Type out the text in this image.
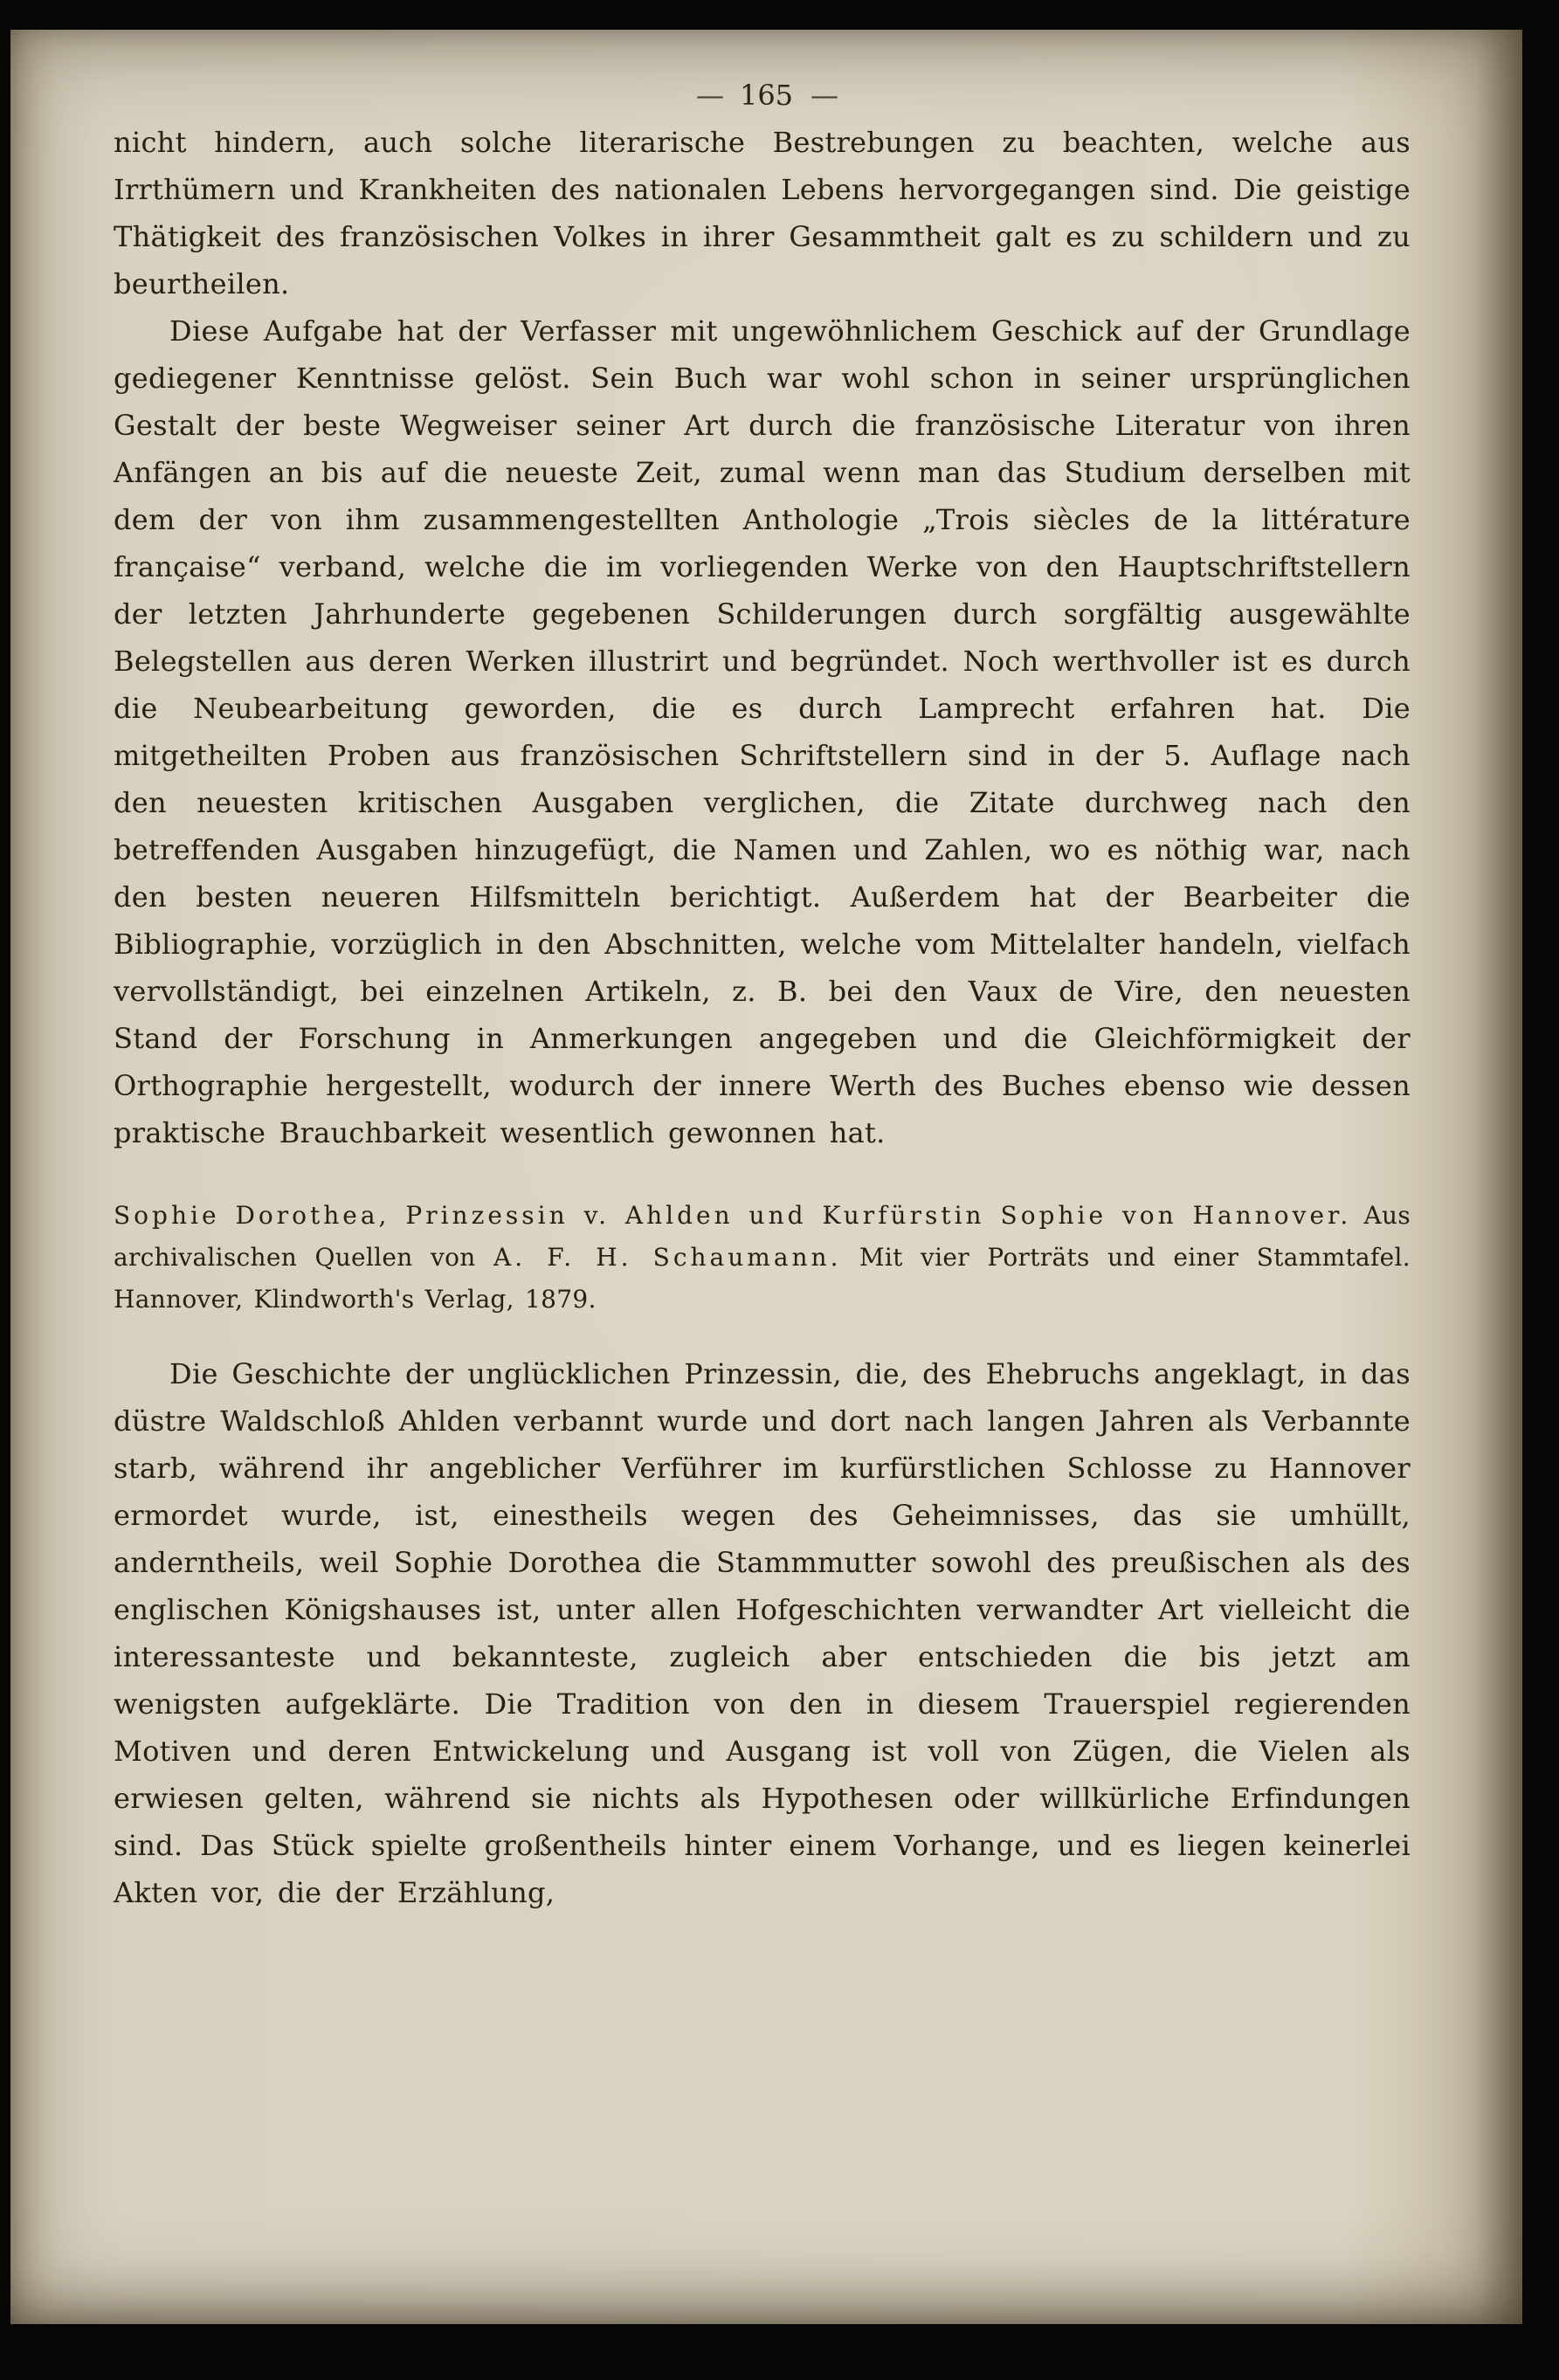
— 165 —

nicht hindern, auch solche literarische Bestrebungen zu beachten, welche aus Irrthümern und Krankheiten des nationalen Lebens hervorgegangen sind. Die geistige Thätigkeit des französischen Volkes in ihrer Gesammtheit galt es zu schildern und zu beurtheilen.

Diese Aufgabe hat der Verfasser mit ungewöhnlichem Geschick auf der Grundlage gediegener Kenntnisse gelöst. Sein Buch war wohl schon in seiner ursprünglichen Gestalt der beste Wegweiser seiner Art durch die französische Literatur von ihren Anfängen an bis auf die neueste Zeit, zumal wenn man das Studium derselben mit dem der von ihm zusammengestellten Anthologie „Trois siècles de la littérature française“ verband, welche die im vorliegenden Werke von den Hauptschriftstellern der letzten Jahrhunderte gegebenen Schilderungen durch sorgfältig ausgewählte Belegstellen aus deren Werken illustrirt und begründet. Noch werthvoller ist es durch die Neubearbeitung geworden, die es durch Lamprecht erfahren hat. Die mitgetheilten Proben aus französischen Schriftstellern sind in der 5. Auflage nach den neuesten kritischen Ausgaben verglichen, die Zitate durchweg nach den betreffenden Ausgaben hinzugefügt, die Namen und Zahlen, wo es nöthig war, nach den besten neueren Hilfsmitteln berichtigt. Außerdem hat der Bearbeiter die Bibliographie, vorzüglich in den Abschnitten, welche vom Mittelalter handeln, vielfach vervollständigt, bei einzelnen Artikeln, z. B. bei den Vaux de Vire, den neuesten Stand der Forschung in Anmerkungen angegeben und die Gleichförmigkeit der Orthographie hergestellt, wodurch der innere Werth des Buches ebenso wie dessen praktische Brauchbarkeit wesentlich gewonnen hat.

Sophie Dorothea, Prinzessin v. Ahlden und Kurfürstin Sophie von Hannover. Aus archivalischen Quellen von A. F. H. Schaumann. Mit vier Porträts und einer Stammtafel. Hannover, Klindworth's Verlag, 1879.

Die Geschichte der unglücklichen Prinzessin, die, des Ehebruchs angeklagt, in das düstre Waldschloß Ahlden verbannt wurde und dort nach langen Jahren als Verbannte starb, während ihr angeblicher Verführer im kurfürstlichen Schlosse zu Hannover ermordet wurde, ist, einestheils wegen des Geheimnisses, das sie umhüllt, anderntheils, weil Sophie Dorothea die Stammmutter sowohl des preußischen als des englischen Königshauses ist, unter allen Hofgeschichten verwandter Art vielleicht die interessanteste und bekannteste, zugleich aber entschieden die bis jetzt am wenigsten aufgeklärte. Die Tradition von den in diesem Trauerspiel regierenden Motiven und deren Entwickelung und Ausgang ist voll von Zügen, die Vielen als erwiesen gelten, während sie nichts als Hypothesen oder willkürliche Erfindungen sind. Das Stück spielte großentheils hinter einem Vorhange, und es liegen keinerlei Akten vor, die der Erzählung,
